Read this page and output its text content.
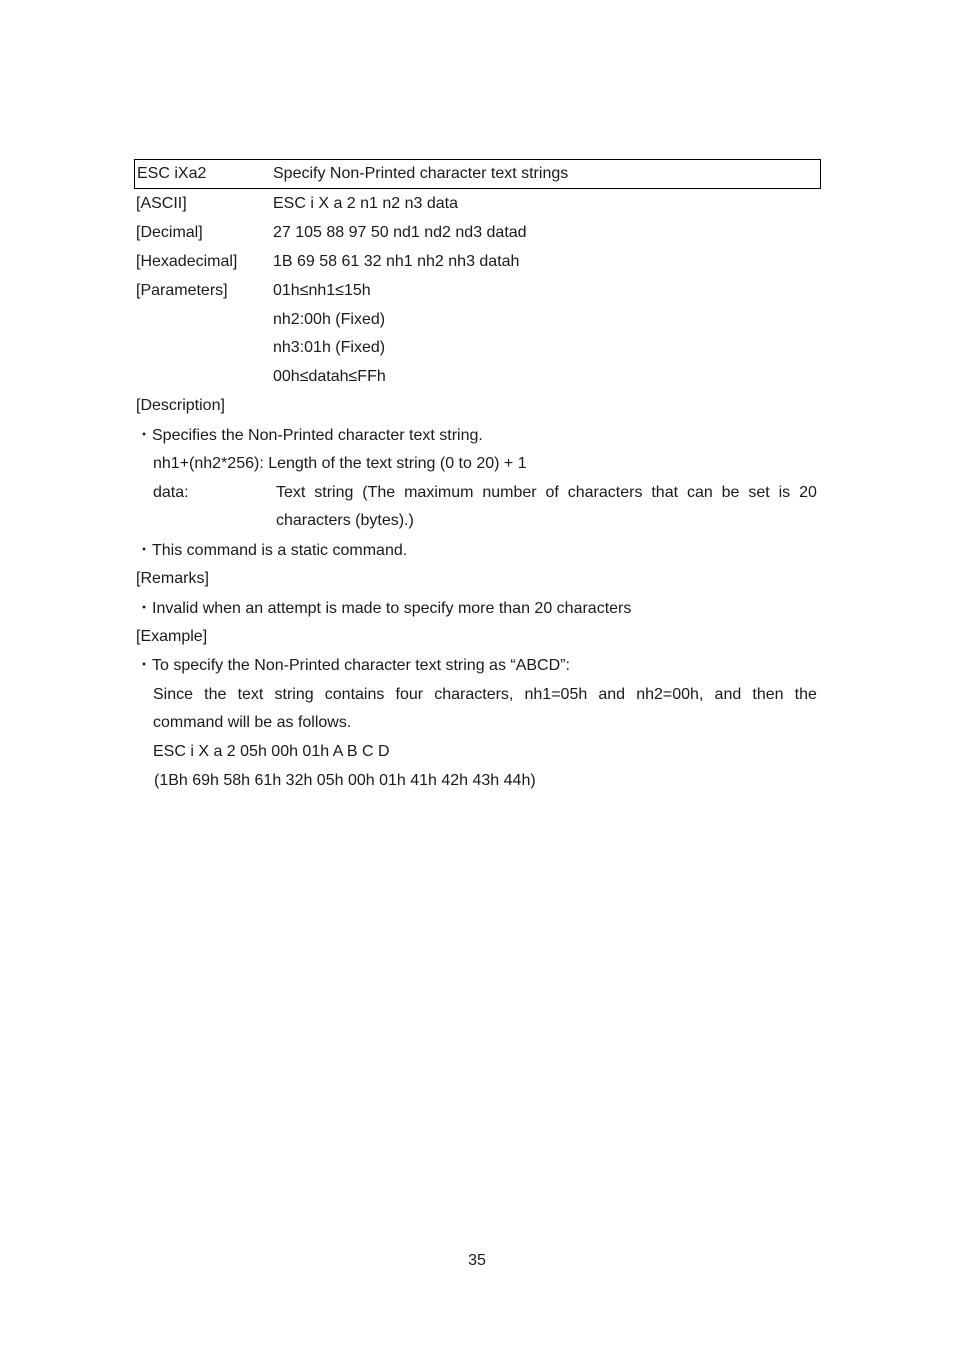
ESC iXa2	Specify Non-Printed character text strings
[ASCII]	ESC i X a 2 n1 n2 n3 data
[Decimal]	27 105 88 97 50 nd1 nd2 nd3 datad
[Hexadecimal] 1B 69 58 61 32 nh1 nh2 nh3 datah
[Parameters]	01h≤nh1≤15h
nh2:00h (Fixed)
nh3:01h (Fixed)
00h≤datah≤FFh
[Description]
・Specifies the Non-Printed character text string.
nh1+(nh2*256): Length of the text string (0 to 20) + 1
data:	Text string (The maximum number of characters that can be set is 20
characters (bytes).)
・This command is a static command.
[Remarks]
・Invalid when an attempt is made to specify more than 20 characters
[Example]
・To specify the Non-Printed character text string as “ABCD”:
Since the text string contains four characters, nh1=05h and nh2=00h, and then the
command will be as follows.
ESC i X a 2 05h 00h 01h A B C D
(1Bh 69h 58h 61h 32h 05h 00h 01h 41h 42h 43h 44h)
35
